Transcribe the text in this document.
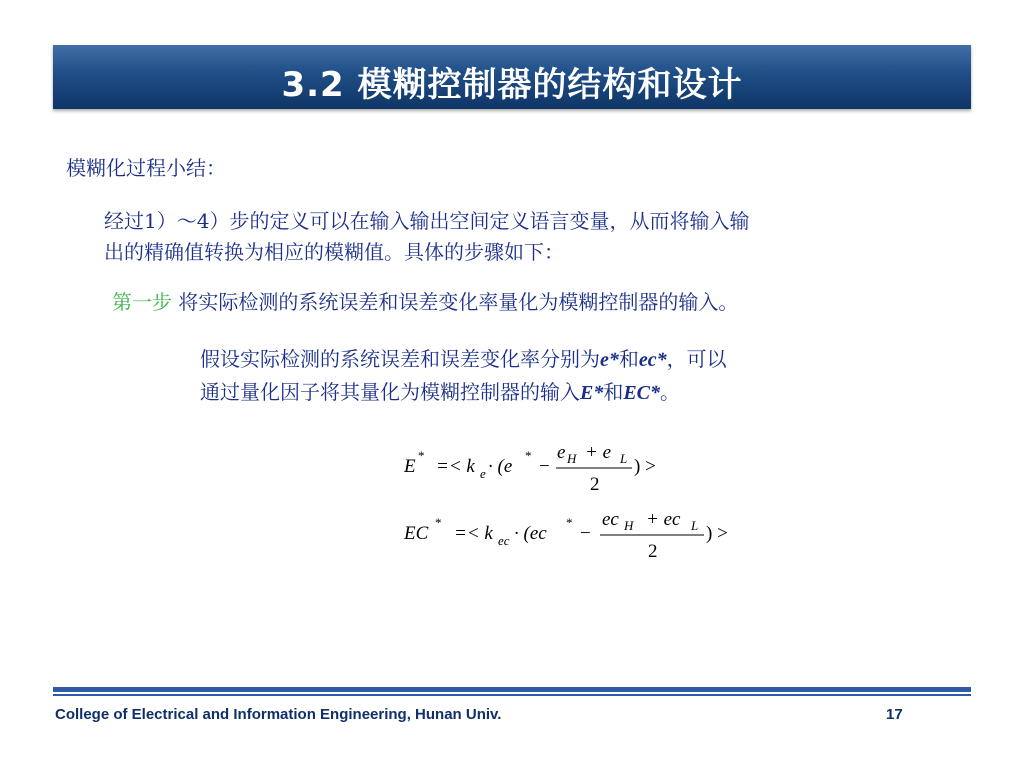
3.2 模糊控制器的结构和设计
模糊化过程小结：
经过1）～4）步的定义可以在输入输出空间定义语言变量，从而将输入输
出的精确值转换为相应的模糊值。具体的步骤如下：
第一步 将实际检测的系统误差和误差变化率量化为模糊控制器的输入。
假设实际检测的系统误差和误差变化率分别为e*和ec*，可以
通过量化因子将其量化为模糊控制器的输入E*和EC*。
E
*
=< k e · (e
*
−
e H + e L
2
) >
EC
*
=< k ec · (ec
*
−
ec H + ec L
2
) >
College of Electrical and Information Engineering, Hunan Univ.	17
